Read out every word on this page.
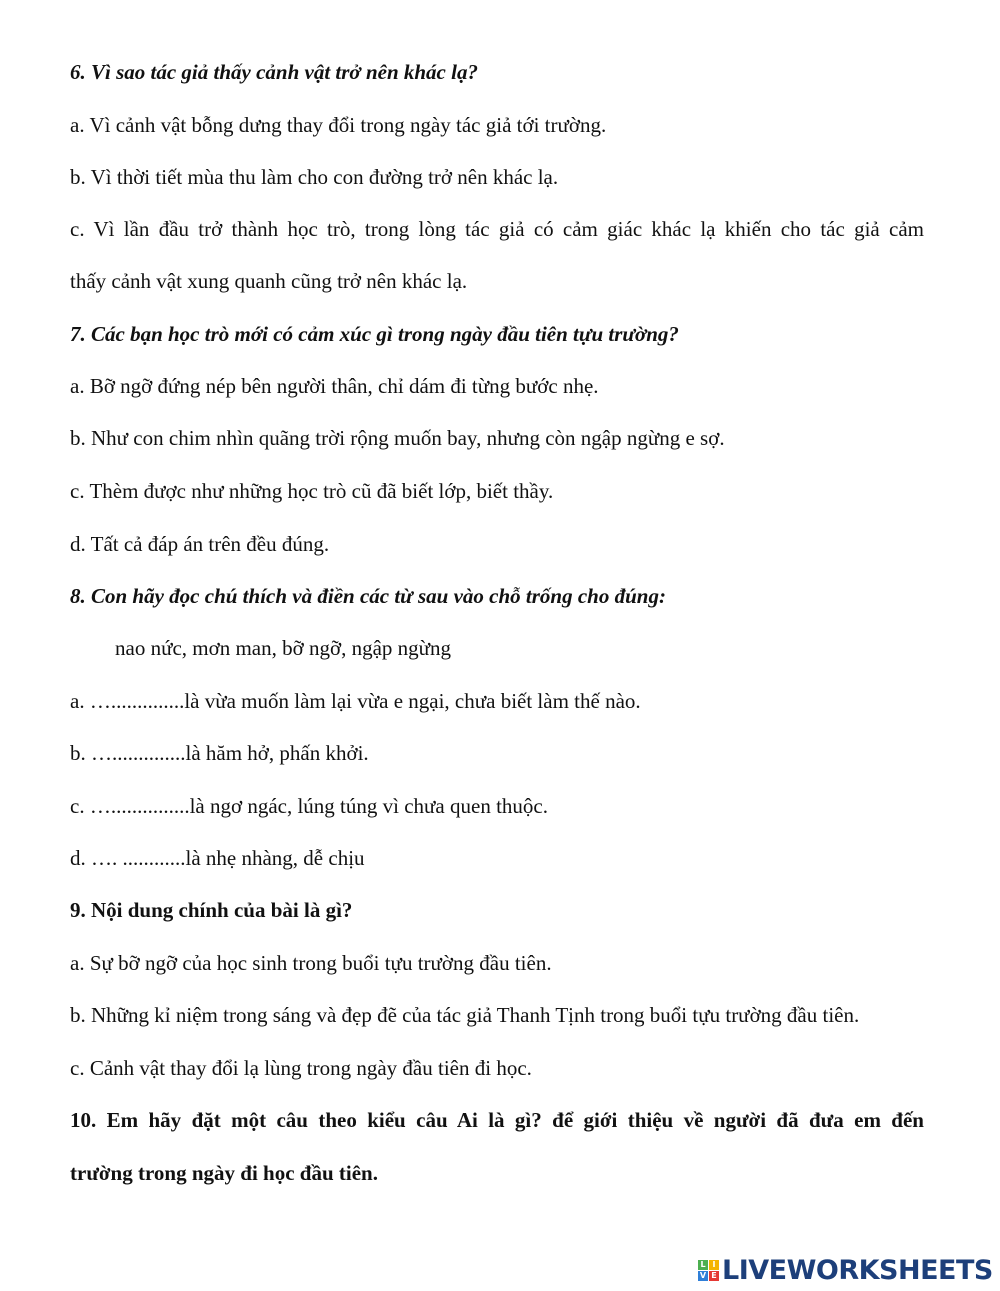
6. Vì sao tác giả thấy cảnh vật trở nên khác lạ?
a. Vì cảnh vật bỗng dưng thay đổi trong ngày tác giả tới trường.
b. Vì thời tiết mùa thu làm cho con đường trở nên khác lạ.
c. Vì lần đầu trở thành học trò, trong lòng tác giả có cảm giác khác lạ khiến cho tác giả cảm
thấy cảnh vật xung quanh cũng trở nên khác lạ.
7. Các bạn học trò mới có cảm xúc gì trong ngày đầu tiên tựu trường?
a. Bỡ ngỡ đứng nép bên người thân, chỉ dám đi từng bước nhẹ.
b. Như con chim nhìn quãng trời rộng muốn bay, nhưng còn ngập ngừng e sợ.
c. Thèm được như những học trò cũ đã biết lớp, biết thầy.
d. Tất cả đáp án trên đều đúng.
8. Con hãy đọc chú thích và điền các từ sau vào chỗ trống cho đúng:
nao nức, mơn man, bỡ ngỡ, ngập ngừng
a. …..............là vừa muốn làm lại vừa e ngại, chưa biết làm thế nào.
b. …..............là hăm hở, phấn khởi.
c. …...............là ngơ ngác, lúng túng vì chưa quen thuộc.
d. …. ............là nhẹ nhàng, dễ chịu
9. Nội dung chính của bài là gì?
a. Sự bỡ ngỡ của học sinh trong buổi tựu trường đầu tiên.
b. Những kỉ niệm trong sáng và đẹp đẽ của tác giả Thanh Tịnh trong buổi tựu trường đầu tiên.
c. Cảnh vật thay đổi lạ lùng trong ngày đầu tiên đi học.
10. Em hãy đặt một câu theo kiểu câu Ai là gì? để giới thiệu về người đã đưa em đến
trường trong ngày đi học đầu tiên.
L I
V E LIVEWORKSHEETS
